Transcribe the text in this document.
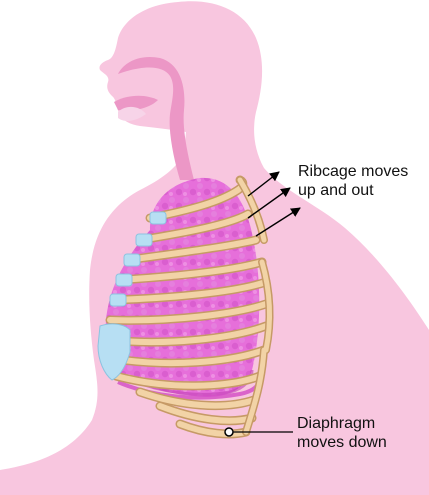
Ribcage moves
up and out
Diaphragm
moves down
